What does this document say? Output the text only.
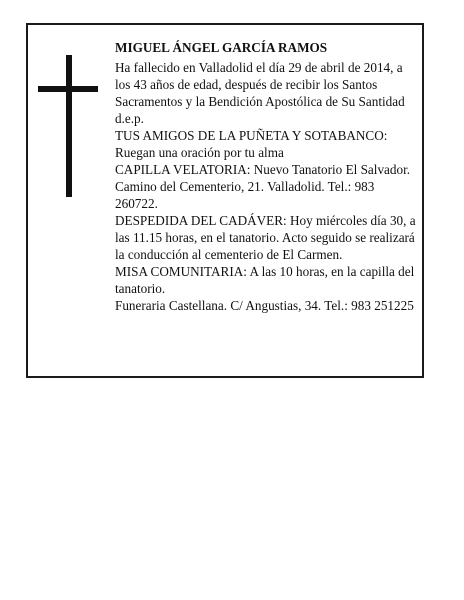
MIGUEL ÁNGEL GARCÍA RAMOS

Ha fallecido en Valladolid el día 29 de abril de 2014, a los 43 años de edad, después de recibir los Santos Sacramentos y la Bendición Apostólica de Su Santidad d.e.p.

TUS AMIGOS DE LA PUÑETA Y SOTABANCO: Ruegan una oración por tu alma

CAPILLA VELATORIA: Nuevo Tanatorio El Salvador. Camino del Cementerio, 21. Valladolid. Tel.: 983 260722.

DESPEDIDA DEL CADÁVER: Hoy miércoles día 30, a las 11.15 horas, en el tanatorio. Acto seguido se realizará la conducción al cementerio de El Carmen.

MISA COMUNITARIA: A las 10 horas, en la capilla del tanatorio.

Funeraria Castellana. C/ Angustias, 34. Tel.: 983 251225
